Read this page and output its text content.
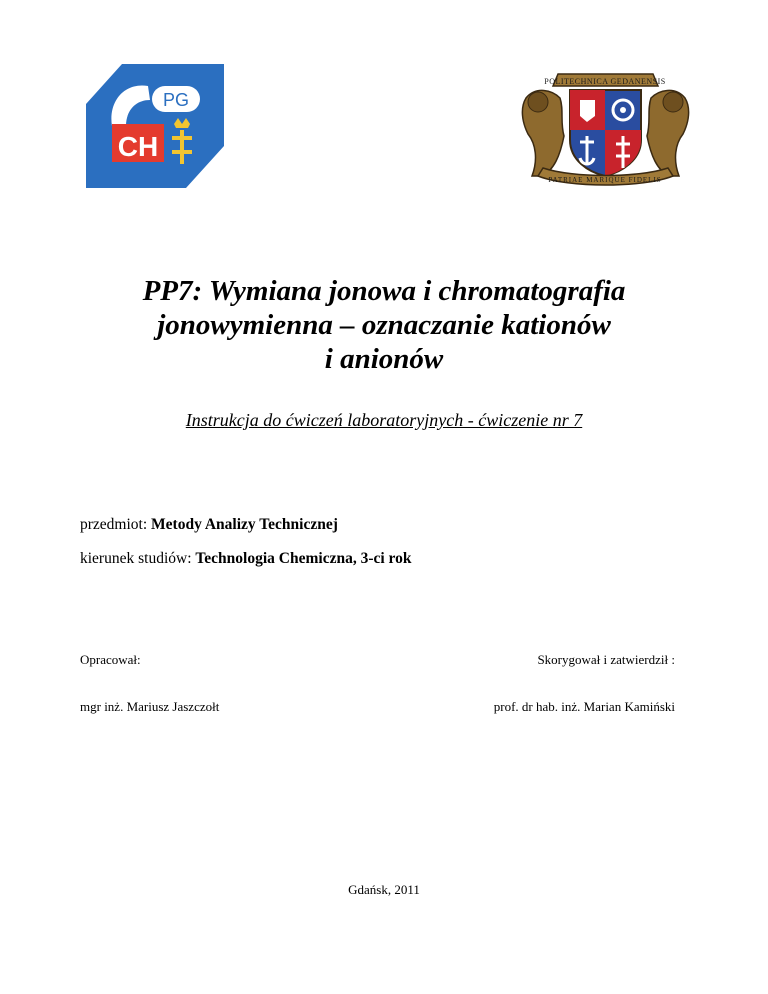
PG
CH
POLITECHNICA GEDANENSIS
PATRIAE MARIQUE FIDELIS
PP7: Wymiana jonowa i chromatografia
jonowymienna – oznaczanie kationów
i anionów
Instrukcja do ćwiczeń laboratoryjnych - ćwiczenie nr 7
przedmiot: Metody Analizy Technicznej
kierunek studiów: Technologia Chemiczna, 3-ci rok
Opracował:	Skorygował i zatwierdził :
mgr inż. Mariusz Jaszczołt	prof. dr hab. inż. Marian Kamiński
Gdańsk, 2011
